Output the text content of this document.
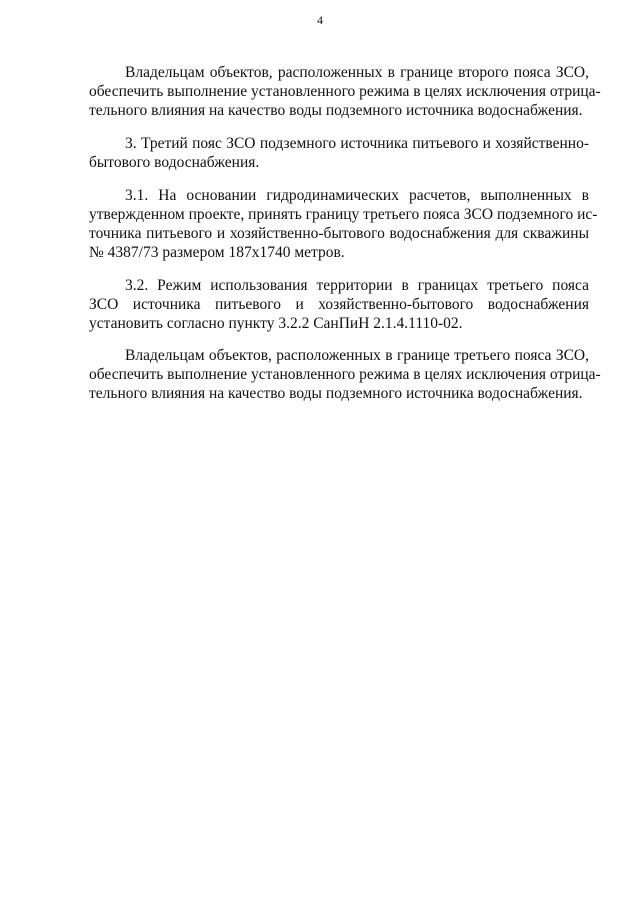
4
Владельцам объектов, расположенных в границе второго пояса ЗСО,
обеспечить выполнение установленного режима в целях исключения отрица-
тельного влияния на качество воды подземного источника водоснабжения.
3. Третий пояс ЗСО подземного источника питьевого и хозяйственно-
бытового водоснабжения.
3.1. На основании гидродинамических расчетов, выполненных в
утвержденном проекте, принять границу третьего пояса ЗСО подземного ис-
точника питьевого и хозяйственно-бытового водоснабжения для скважины
№ 4387/73 размером 187х1740 метров.
3.2. Режим использования территории в границах третьего пояса
ЗСО источника питьевого и хозяйственно-бытового водоснабжения
установить согласно пункту 3.2.2 СанПиН 2.1.4.1110-02.
Владельцам объектов, расположенных в границе третьего пояса ЗСО,
обеспечить выполнение установленного режима в целях исключения отрица-
тельного влияния на качество воды подземного источника водоснабжения.
